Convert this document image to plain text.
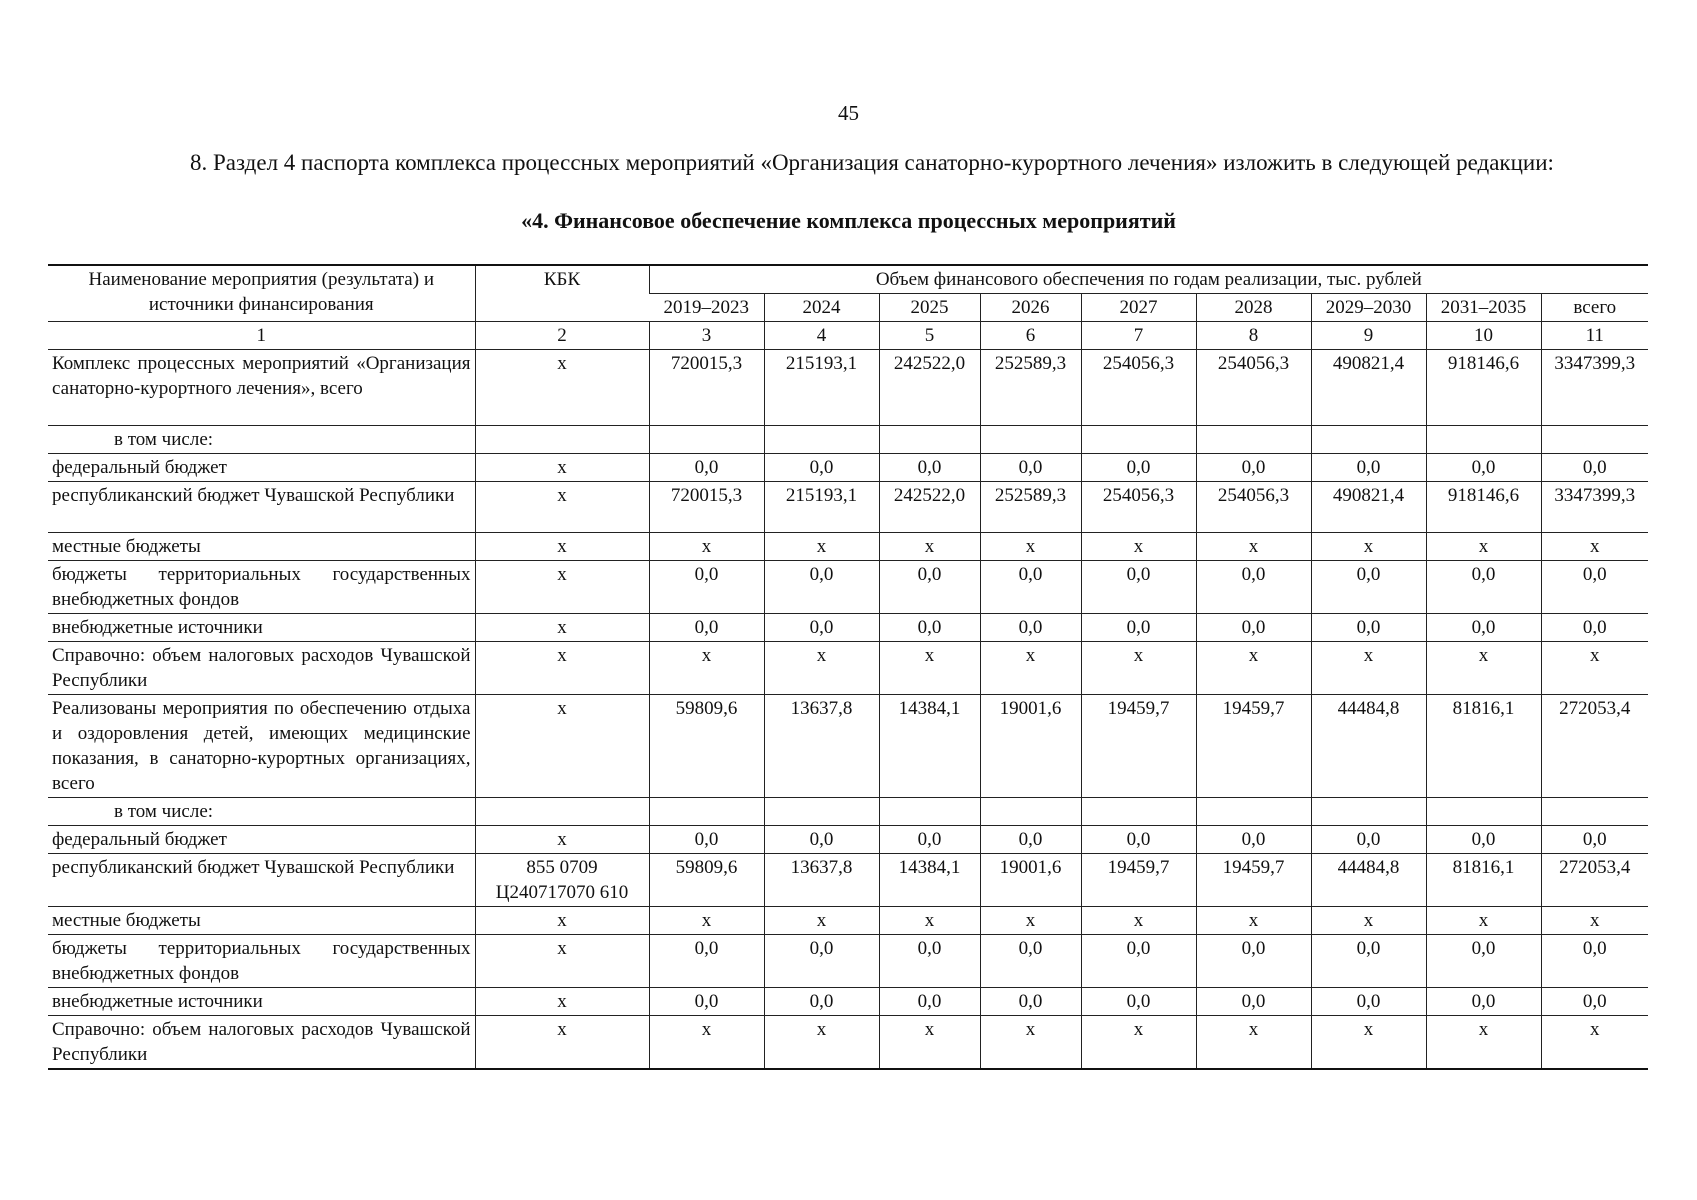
45

8. Раздел 4 паспорта комплекса процессных мероприятий «Организация санаторно-курортного лечения» изложить в следующей редакции:

«4. Финансовое обеспечение комплекса процессных мероприятий
Наименование мероприятия (результата) и источники финансирования	КБК	Объем финансового обеспечения по годам реализации, тыс. рублей								
		2019–2023	2024	2025	2026	2027	2028	2029–2030	2031–2035	всего
1	2	3	4	5	6	7	8	9	10	11
Комплекс процессных мероприятий «Организация санаторно-курортного лечения», всего	x	720015,3	215193,1	242522,0	252589,3	254056,3	254056,3	490821,4	918146,6	3347399,3
в том числе:										
федеральный бюджет	x	0,0	0,0	0,0	0,0	0,0	0,0	0,0	0,0	0,0
республиканский бюджет Чувашской Республики	x	720015,3	215193,1	242522,0	252589,3	254056,3	254056,3	490821,4	918146,6	3347399,3
местные бюджеты	x	x	x	x	x	x	x	x	x	x
бюджеты территориальных государственных внебюджетных фондов	x	0,0	0,0	0,0	0,0	0,0	0,0	0,0	0,0	0,0
внебюджетные источники	x	0,0	0,0	0,0	0,0	0,0	0,0	0,0	0,0	0,0
Справочно: объем налоговых расходов Чувашской Республики	x	x	x	x	x	x	x	x	x	x
Реализованы мероприятия по обеспечению отдыха и оздоровления детей, имеющих медицинские показания, в санаторно-курортных организациях, всего	x	59809,6	13637,8	14384,1	19001,6	19459,7	19459,7	44484,8	81816,1	272053,4
в том числе:										
федеральный бюджет	x	0,0	0,0	0,0	0,0	0,0	0,0	0,0	0,0	0,0
республиканский бюджет Чувашской Республики	855 0709 Ц240717070 610	59809,6	13637,8	14384,1	19001,6	19459,7	19459,7	44484,8	81816,1	272053,4
местные бюджеты	x	x	x	x	x	x	x	x	x	x
бюджеты территориальных государственных внебюджетных фондов	x	0,0	0,0	0,0	0,0	0,0	0,0	0,0	0,0	0,0
внебюджетные источники	x	0,0	0,0	0,0	0,0	0,0	0,0	0,0	0,0	0,0
Справочно: объем налоговых расходов Чувашской Республики	x	x	x	x	x	x	x	x	x	x
